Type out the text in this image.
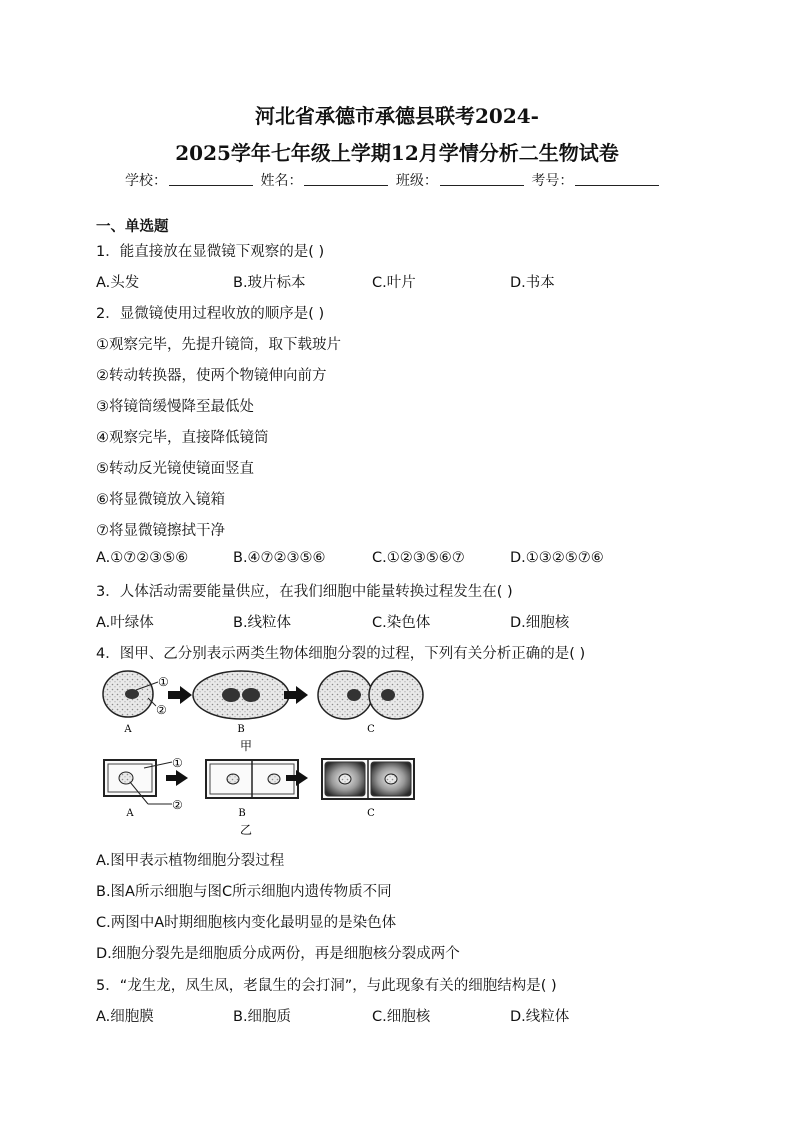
河北省承德市承德县联考2024-
2025学年七年级上学期12月学情分析二生物试卷
学校：	姓名：	班级：	考号：
一、单选题
1．能直接放在显微镜下观察的是( )
A.头发	B.玻片标本	C.叶片	D.书本
2．显微镜使用过程收放的顺序是( )
①观察完毕，先提升镜筒，取下载玻片
②转动转换器，使两个物镜伸向前方
③将镜筒缓慢降至最低处
④观察完毕，直接降低镜筒
⑤转动反光镜使镜面竖直
⑥将显微镜放入镜箱
⑦将显微镜擦拭干净
A.①⑦②③⑤⑥	B.④⑦②③⑤⑥	C.①②③⑤⑥⑦	D.①③②⑤⑦⑥
3．人体活动需要能量供应，在我们细胞中能量转换过程发生在( )
A.叶绿体	B.线粒体	C.染色体	D.细胞核
4．图甲、乙分别表示两类生物体细胞分裂的过程，下列有关分析正确的是( )
①
②
A	B	C
甲
①
②
A	B	C
乙
A.图甲表示植物细胞分裂过程
B.图A所示细胞与图C所示细胞内遗传物质不同
C.两图中A时期细胞核内变化最明显的是染色体
D.细胞分裂先是细胞质分成两份，再是细胞核分裂成两个
5．“龙生龙，凤生凤，老鼠生的会打洞”，与此现象有关的细胞结构是( )
A.细胞膜	B.细胞质	C.细胞核	D.线粒体
